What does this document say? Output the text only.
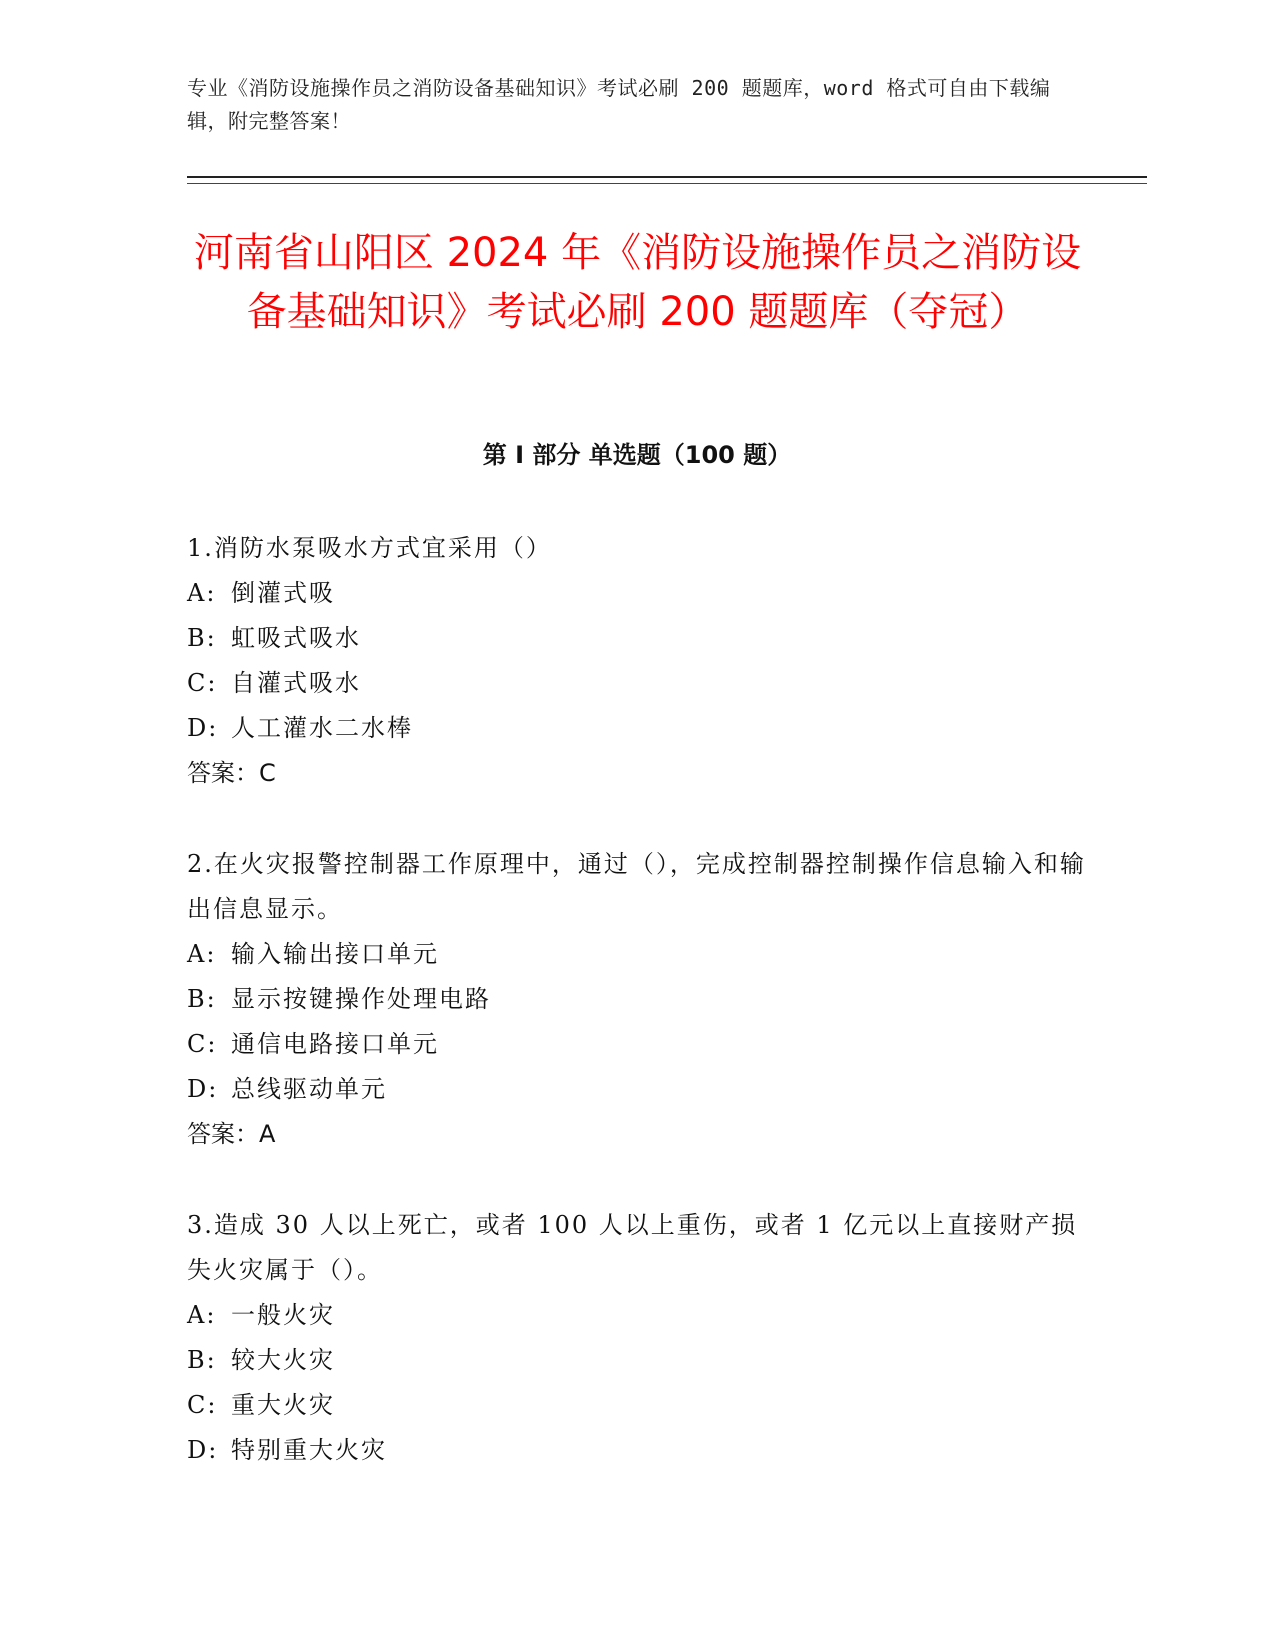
专业《消防设施操作员之消防设备基础知识》考试必刷 200 题题库，word 格式可自由下载编辑，附完整答案！
河南省山阳区 2024 年《消防设施操作员之消防设备基础知识》考试必刷 200 题题库（夺冠）
第 I 部分 单选题（100 题）
1.消防水泵吸水方式宜采用（）
A: 倒灌式吸
B: 虹吸式吸水
C: 自灌式吸水
D: 人工灌水二水棒
答案：C
2.在火灾报警控制器工作原理中，通过（），完成控制器控制操作信息输入和输出信息显示。
A: 输入输出接口单元
B: 显示按键操作处理电路
C: 通信电路接口单元
D: 总线驱动单元
答案：A
3.造成 30 人以上死亡，或者 100 人以上重伤，或者 1 亿元以上直接财产损失火灾属于（）。
A: 一般火灾
B: 较大火灾
C: 重大火灾
D: 特别重大火灾
